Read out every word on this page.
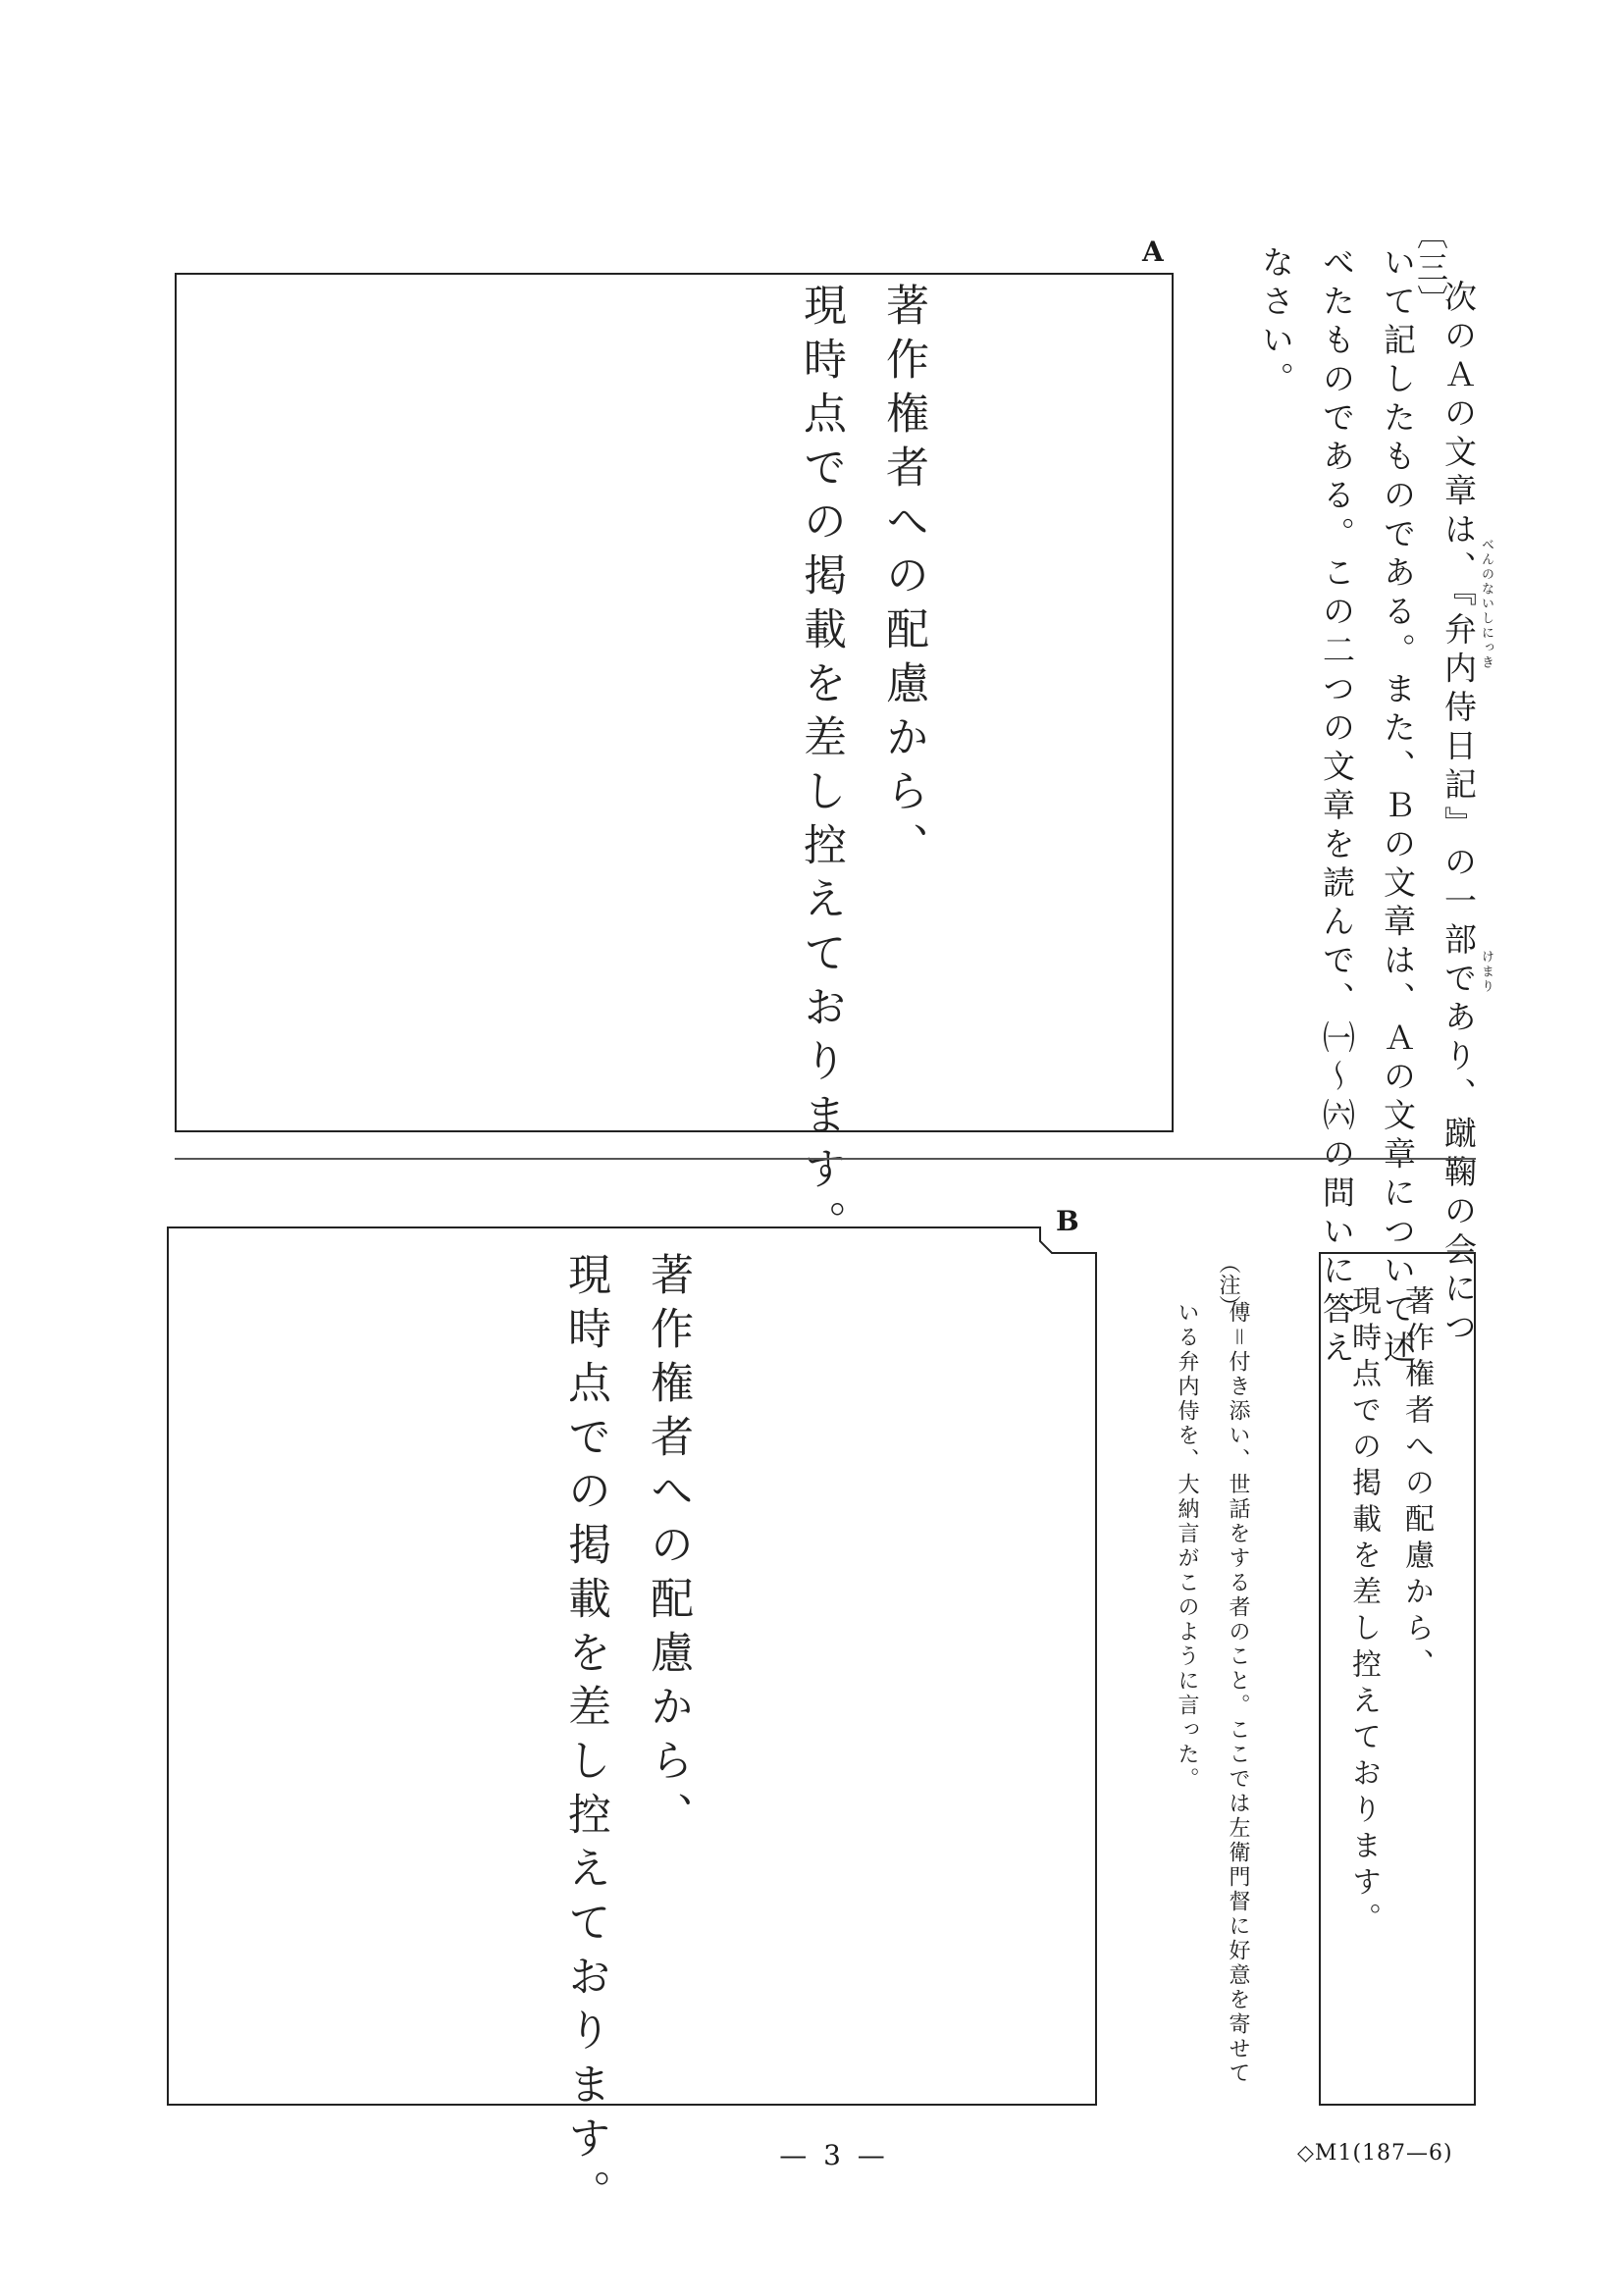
〔三〕
次のＡの文章は、『弁内侍日記』の一部であり、蹴鞠の会につ
いて記したものである。また、Ｂの文章は、Ａの文章について述
べたものである。この二つの文章を読んで、㈠〜㈥の問いに答え
なさい。
べんのないしにっき
けまり
A
著作権者への配慮から、
現時点での掲載を差し控えております。	B
著作権者への配慮から、
現時点での掲載を差し控えております。	著作権者への配慮から、
現時点での掲載を差し控えております。
（注）
傅＝付き添い、世話をする者のこと。ここでは左衛門督に好意を寄せて
いる弁内侍を、大納言がこのように言った。
— 3 —	◇M1(187—6)
